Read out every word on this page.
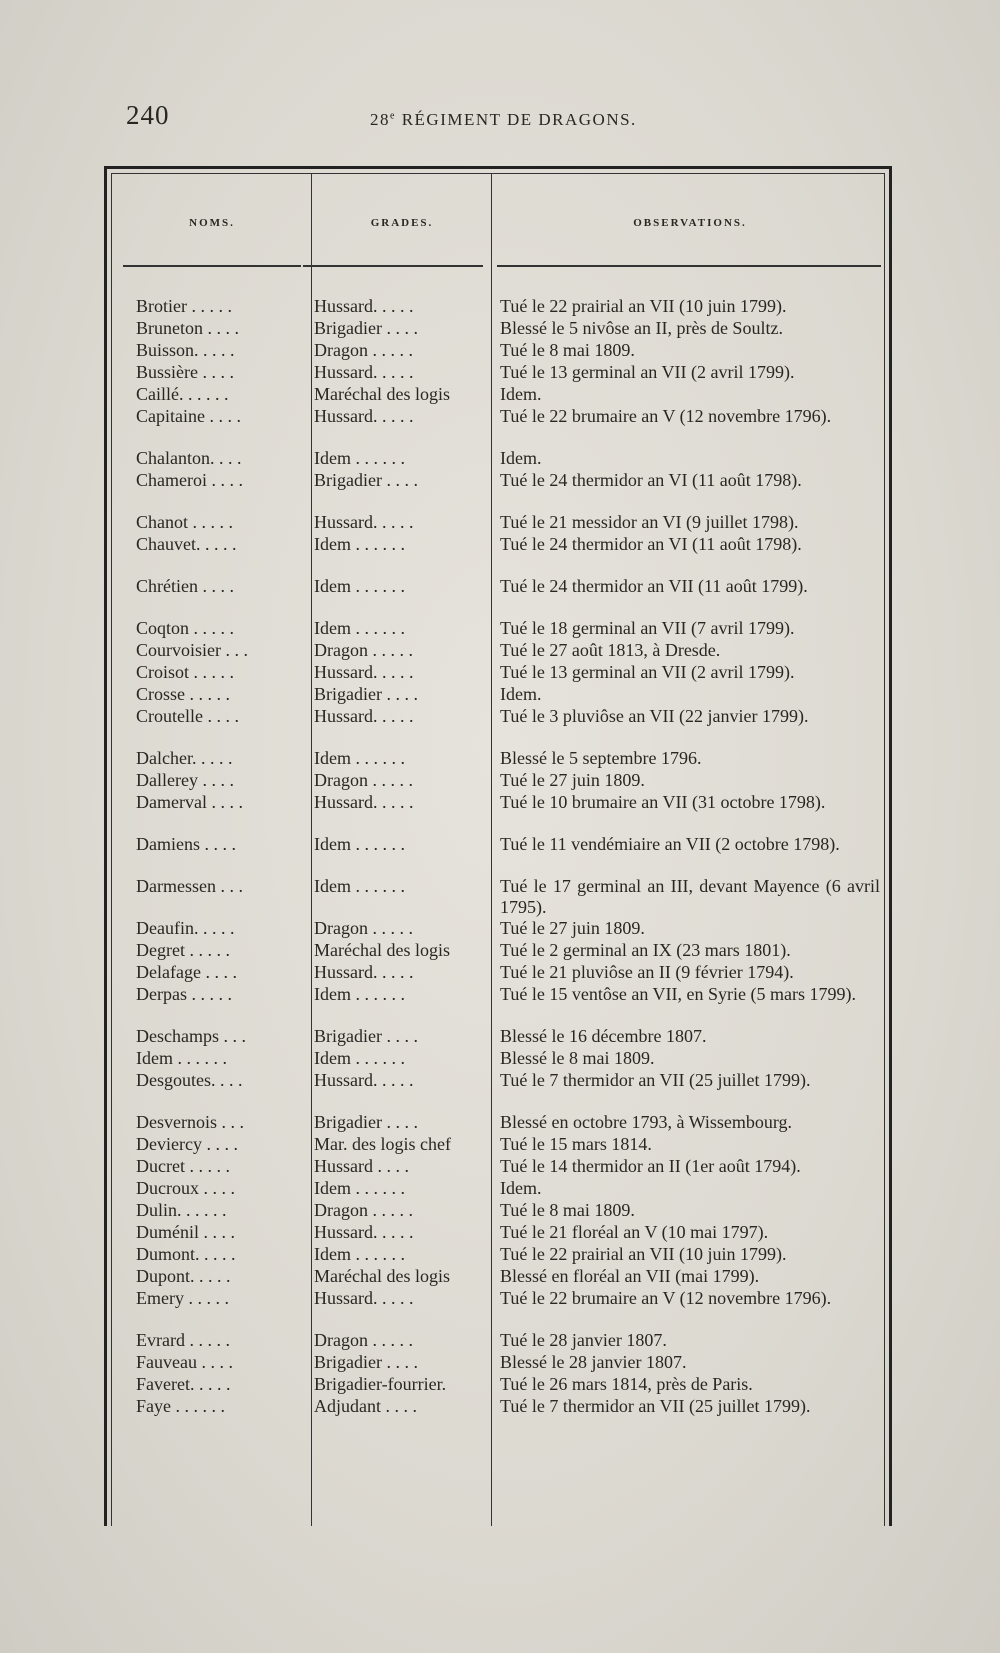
240	28e RÉGIMENT DE DRAGONS.
NOMS.	GRADES.	OBSERVATIONS.
Brotier . . . . .	Hussard. . . . .	Tué le 22 prairial an VII (10 juin 1799).
Bruneton . . . .	Brigadier . . . .	Blessé le 5 nivôse an II, près de Soultz.
Buisson. . . . .	Dragon . . . . .	Tué le 8 mai 1809.
Bussière . . . .	Hussard. . . . .	Tué le 13 germinal an VII (2 avril 1799).
Caillé. . . . . .	Maréchal des logis	Idem.
Capitaine . . . .	Hussard. . . . .	Tué le 22 brumaire an V (12 novembre 1796).
Chalanton. . . .	Idem . . . . . .	Idem.
Chameroi . . . .	Brigadier . . . .	Tué le 24 thermidor an VI (11 août 1798).
Chanot . . . . .	Hussard. . . . .	Tué le 21 messidor an VI (9 juillet 1798).
Chauvet. . . . .	Idem . . . . . .	Tué le 24 thermidor an VI (11 août 1798).
Chrétien . . . .	Idem . . . . . .	Tué le 24 thermidor an VII (11 août 1799).
Coqton . . . . .	Idem . . . . . .	Tué le 18 germinal an VII (7 avril 1799).
Courvoisier . . .	Dragon . . . . .	Tué le 27 août 1813, à Dresde.
Croisot . . . . .	Hussard. . . . .	Tué le 13 germinal an VII (2 avril 1799).
Crosse . . . . .	Brigadier . . . .	Idem.
Croutelle . . . .	Hussard. . . . .	Tué le 3 pluviôse an VII (22 janvier 1799).
Dalcher. . . . .	Idem . . . . . .	Blessé le 5 septembre 1796.
Dallerey . . . .	Dragon . . . . .	Tué le 27 juin 1809.
Damerval . . . .	Hussard. . . . .	Tué le 10 brumaire an VII (31 octobre 1798).
Damiens . . . .	Idem . . . . . .	Tué le 11 vendémiaire an VII (2 octobre 1798).
Darmessen . . .	Idem . . . . . .	Tué le 17 germinal an III, devant Mayence (6 avril 1795).
Deaufin. . . . .	Dragon . . . . .	Tué le 27 juin 1809.
Degret . . . . .	Maréchal des logis	Tué le 2 germinal an IX (23 mars 1801).
Delafage . . . .	Hussard. . . . .	Tué le 21 pluviôse an II (9 février 1794).
Derpas . . . . .	Idem . . . . . .	Tué le 15 ventôse an VII, en Syrie (5 mars 1799).
Deschamps . . .	Brigadier . . . .	Blessé le 16 décembre 1807.
Idem . . . . . .	Idem . . . . . .	Blessé le 8 mai 1809.
Desgoutes. . . .	Hussard. . . . .	Tué le 7 thermidor an VII (25 juillet 1799).
Desvernois . . .	Brigadier . . . .	Blessé en octobre 1793, à Wissembourg.
Deviercy . . . .	Mar. des logis chef	Tué le 15 mars 1814.
Ducret . . . . .	Hussard . . . .	Tué le 14 thermidor an II (1er août 1794).
Ducroux . . . .	Idem . . . . . .	Idem.
Dulin. . . . . .	Dragon . . . . .	Tué le 8 mai 1809.
Duménil . . . .	Hussard. . . . .	Tué le 21 floréal an V (10 mai 1797).
Dumont. . . . .	Idem . . . . . .	Tué le 22 prairial an VII (10 juin 1799).
Dupont. . . . .	Maréchal des logis	Blessé en floréal an VII (mai 1799).
Emery . . . . .	Hussard. . . . .	Tué le 22 brumaire an V (12 novembre 1796).
Evrard . . . . .	Dragon . . . . .	Tué le 28 janvier 1807.
Fauveau . . . .	Brigadier . . . .	Blessé le 28 janvier 1807.
Faveret. . . . .	Brigadier-fourrier.	Tué le 26 mars 1814, près de Paris.
Faye . . . . . .	Adjudant . . . .	Tué le 7 thermidor an VII (25 juillet 1799).
